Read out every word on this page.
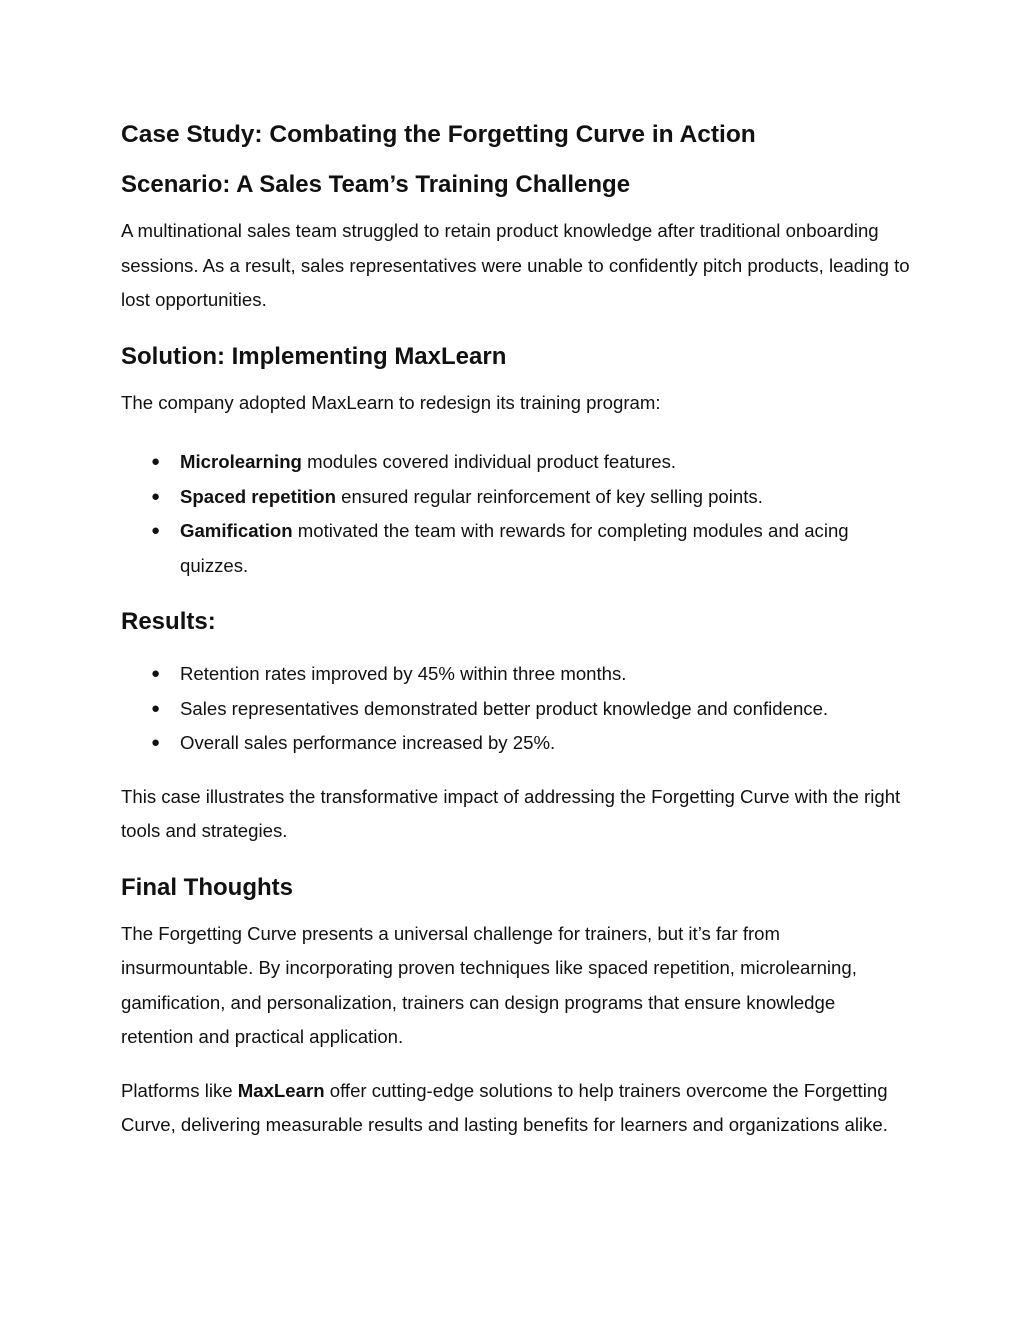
Case Study: Combating the Forgetting Curve in Action
Scenario: A Sales Team’s Training Challenge

A multinational sales team struggled to retain product knowledge after traditional onboarding sessions. As a result, sales representatives were unable to confidently pitch products, leading to lost opportunities.

Solution: Implementing MaxLearn

The company adopted MaxLearn to redesign its training program:

● Microlearning modules covered individual product features.
● Spaced repetition ensured regular reinforcement of key selling points.
● Gamification motivated the team with rewards for completing modules and acing quizzes.
Results:
● Retention rates improved by 45% within three months.
● Sales representatives demonstrated better product knowledge and confidence.
● Overall sales performance increased by 25%.

This case illustrates the transformative impact of addressing the Forgetting Curve with the right tools and strategies.

Final Thoughts

The Forgetting Curve presents a universal challenge for trainers, but it’s far from insurmountable. By incorporating proven techniques like spaced repetition, microlearning, gamification, and personalization, trainers can design programs that ensure knowledge retention and practical application.

Platforms like MaxLearn offer cutting-edge solutions to help trainers overcome the Forgetting Curve, delivering measurable results and lasting benefits for learners and organizations alike.
